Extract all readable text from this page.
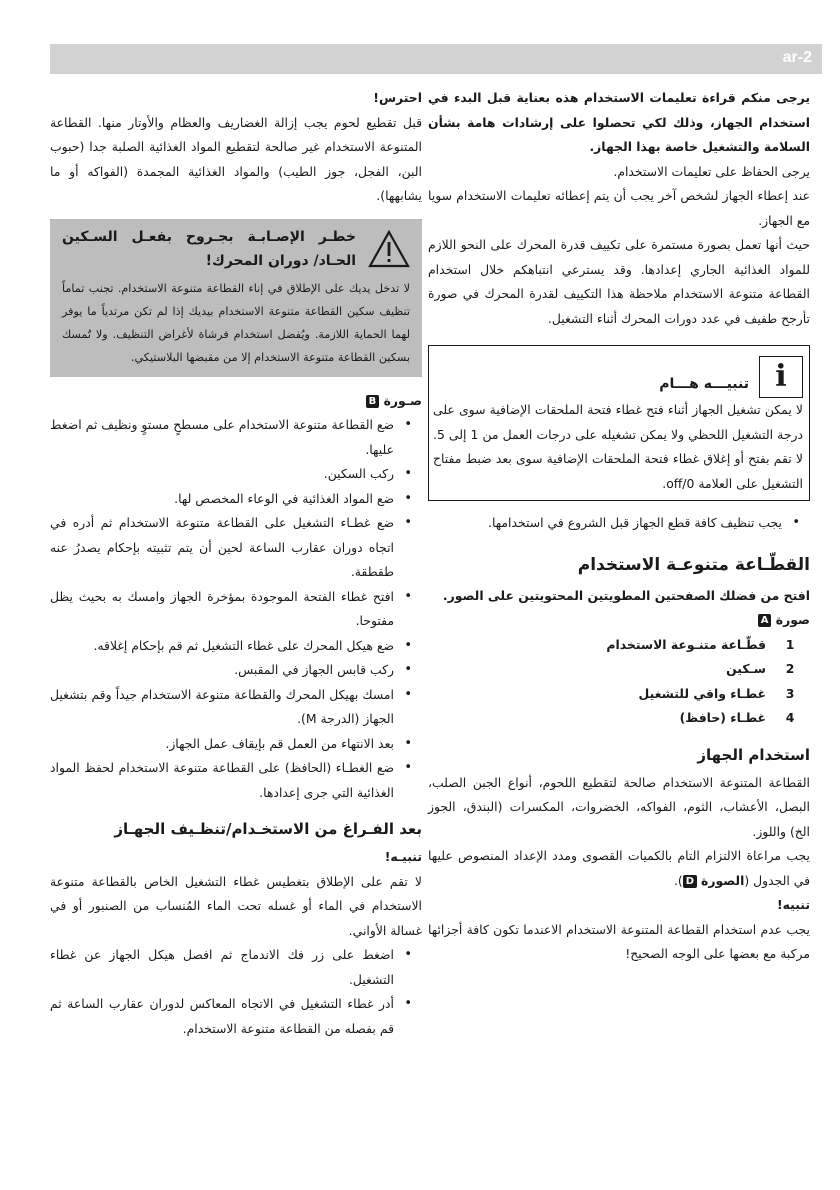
ar-2

يرجى منكم قراءة تعليمات الاستخدام هذه بعناية قبل البدء في استخدام الجهاز، وذلك لكي تحصلوا على إرشادات هامة بشأن السلامة والتشغيل خاصة بهذا الجهاز.

يرجى الحفاظ على تعليمات الاستخدام.

عند إعطاء الجهاز لشخص آخر يجب أن يتم إعطائه تعليمات الاستخدام سويا مع الجهاز.

حيث أنها تعمل بصورة مستمرة على تكييف قدرة المحرك على النحو اللازم للمواد الغذائية الجاري إعدادها. وقد يسترعي انتباهكم خلال استخدام القطاعة متنوعة الاستخدام ملاحظة هذا التكييف لقدرة المحرك في صورة تأرجح طفيف في عدد دورات المحرك أثناء التشغيل.

i
تنبيـــه هـــام

لا يمكن تشغيل الجهاز أثناء فتح غطاء فتحة الملحقات الإضافية سوى على درجة التشغيل اللحظي ولا يمكن تشغيله على درجات العمل من 1 إلى 5. لا تقم بفتح أو إغلاق غطاء فتحة الملحقات الإضافية سوى بعد ضبط مفتاح التشغيل على العلامة off/0.

• يجب تنظيف كافة قطع الجهاز قبل الشروع في استخدامها.
القطّـاعة متنوعـة الاستخدام

افتح من فضلك الصفحتين المطويتين المحتويتين على الصور.

صورة A

1
قطّـاعة متنـوعة الاستخدام
2
سـكين
3
غطـاء واقي للتشغيل
4
غطـاء (حافظ)
استخدام الجهاز

القطاعة المتنوعة الاستخدام صالحة لتقطيع اللحوم، أنواع الجبن الصلب، البصل، الأعشاب، الثوم، الفواكه، الخضروات، المكسرات (البندق، الجوز الخ) واللوز.

يجب مراعاة الالتزام التام بالكميات القصوى ومدد الإعداد المنصوص عليها في الجدول (الصورة D).

تنبيه!

يجب عدم استخدام القطاعة المتنوعة الاستخدام الاعندما تكون كافة أجزائها مركبة مع بعضها على الوجه الصحيح!

احترس!

قبل تقطيع لحوم يجب إزالة الغضاريف والعظام والأوتار منها. القطاعة المتنوعة الاستخدام غير صالحة لتقطيع المواد الغذائية الصلبة جدا (حبوب البن، الفجل، جوز الطيب) والمواد الغذائية المجمدة (الفواكه أو ما يشابهها).

خطـر الإصـابـة بجـروح بفعـل السـكين الحـاد/ دوران المحرك!

لا تدخل يديك على الإطلاق في إناء القطاعة متنوعة الاستخدام. تجنب تماماً تنظيف سكين القطاعة متنوعة الاستخدام بيديك إذا لم تكن مرتدياً ما يوفر لهما الحماية اللازمة. ويُفضل استخدام فرشاة لأغراض التنظيف. ولا تُمسك بسكين القطاعة متنوعة الاستخدام إلا من مقبضها البلاستيكي.

صـورة B

• ضع القطاعة متنوعة الاستخدام على مسطحٍ مستوٍ ونظيف ثم اضغط عليها.
• ركب السكين.
• ضع المواد الغذائية في الوعاء المخصص لها.
• ضع غطـاء التشغيل على القطاعة متنوعة الاستخدام ثم أدره في اتجاه دوران عقارب الساعة لحين أن يتم تثبيته بإحكام يصدرُ عنه طقطقة.
• افتح غطاء الفتحة الموجودة بمؤخرة الجهاز وامسك به بحيث يظل مفتوحا.
• ضع هيكل المحرك على غطاء التشغيل ثم قم بإحكام إغلاقه.
• ركب قابس الجهاز في المقبس.
• امسك بهيكل المحرك والقطاعة متنوعة الاستخدام جيداً وقم بتشغيل الجهاز (الدرجة M).
• بعد الانتهاء من العمل قم بإيقاف عمل الجهاز.
• ضع الغطـاء (الحافظ) على القطاعة متنوعة الاستخدام لحفظ المواد الغذائية التي جرى إعدادها.
بعد الفـراغ من الاستخـدام/تنظـيف الجهـاز

تنبيـه!

لا تقم على الإطلاق بتغطيس غطاء التشغيل الخاص بالقطاعة متنوعة الاستخدام في الماء أو غسله تحت الماء المُنساب من الصنبور أو في غسالة الأواني.

• اضغط على زر فك الاندماج ثم افصل هيكل الجهاز عن غطاء التشغيل.
• أدر غطاء التشغيل في الاتجاه المعاكس لدوران عقارب الساعة ثم قم بفصله من القطاعة متنوعة الاستخدام.
